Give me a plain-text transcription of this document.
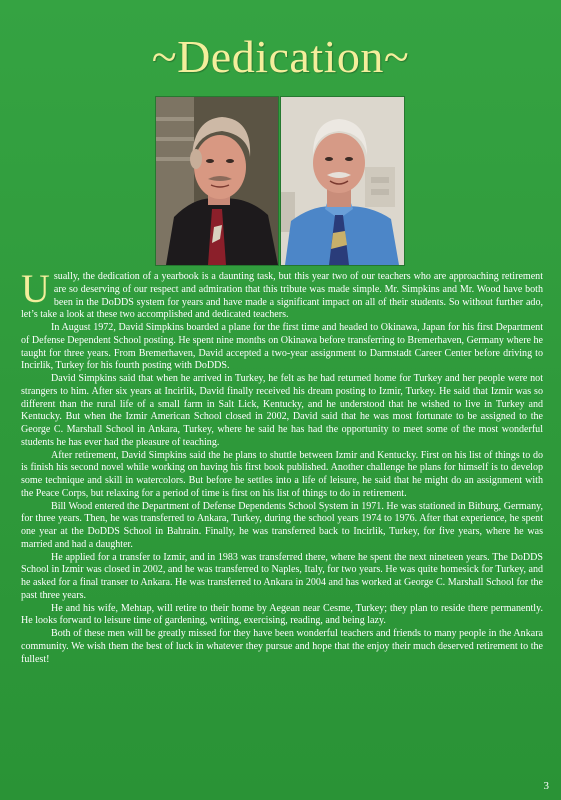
~Dedication~

Usually, the dedication of a yearbook is a daunting task, but this year two of our teachers who are approaching retirement are so deserving of our respect and admiration that this tribute was made simple. Mr. Simpkins and Mr. Wood have both been in the DoDDS system for years and have made a significant impact on all of their students. So without further ado, let’s take a look at these two accomplished and dedicated teachers.

In August 1972, David Simpkins boarded a plane for the first time and headed to Okinawa, Japan for his first Department of Defense Dependent School posting. He spent nine months on Okinawa before transferring to Bremerhaven, Germany where he taught for three years. From Bremerhaven, David accepted a two-year assignment to Darmstadt Career Center before driving to Incirlik, Turkey for his fourth posting with DoDDS.

David Simpkins said that when he arrived in Turkey, he felt as he had returned home for Turkey and her people were not strangers to him. After six years at Incirlik, David finally received his dream posting to Izmir, Turkey. He said that Izmir was so different than the rural life of a small farm in Salt Lick, Kentucky, and he understood that he wished to live in Turkey and Kentucky. But when the Izmir American School closed in 2002, David said that he was most fortunate to be assigned to the George C. Marshall School in Ankara, Turkey, where he said he has had the opportunity to meet some of the most wonderful students he has ever had the pleasure of teaching.

After retirement, David Simpkins said the he plans to shuttle between Izmir and Kentucky. First on his list of things to do is finish his second novel while working on having his first book published. Another challenge he plans for himself is to develop some technique and skill in watercolors. But before he settles into a life of leisure, he said that he might do an assignment with the Peace Corps, but relaxing for a period of time is first on his list of things to do in retirement.

Bill Wood entered the Department of Defense Dependents School System in 1971. He was stationed in Bitburg, Germany, for three years. Then, he was transferred to Ankara, Turkey, during the school years 1974 to 1976. After that experience, he spent one year at the DoDDS School in Bahrain. Finally, he was transferred back to Incirlik, Turkey, for five years, where he was married and had a daughter.

He applied for a transfer to Izmir, and in 1983 was transferred there, where he spent the next nineteen years. The DoDDS School in Izmir was closed in 2002, and he was transferred to Naples, Italy, for two years. He was quite homesick for Turkey, and he asked for a final transer to Ankara. He was transferred to Ankara in 2004 and has worked at George C. Marshall School for the past three years.

He and his wife, Mehtap, will retire to their home by Aegean near Cesme, Turkey; they plan to reside there permanently. He looks forward to leisure time of gardening, writing, exercising, reading, and being lazy.

Both of these men will be greatly missed for they have been wonderful teachers and friends to many people in the Ankara community. We wish them the best of luck in whatever they pursue and hope that the enjoy their much deserved retirement to the fullest!

3
